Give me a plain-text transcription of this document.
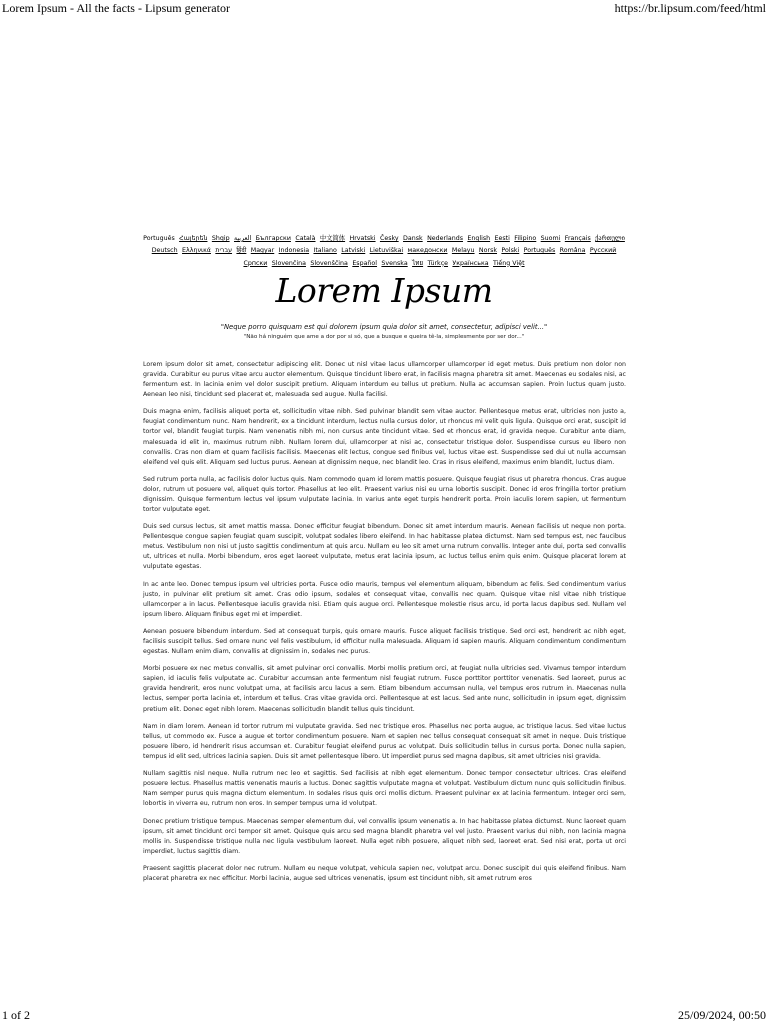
Lorem Ipsum - All the facts - Lipsum generator	https://br.lipsum.com/feed/html
Português Հայերեն Shqip العربية Български Català 中文简体 Hrvatski Česky Dansk Nederlands English Eesti Filipino Suomi Français ქართული Deutsch Ελληνικά עברית हिंदी Magyar Indonesia Italiano Latviski Lietuviškai македонски Melayu Norsk Polski Português Româna Pyccкий Српски Slovenčina Slovenščina Español Svenska ไทย Türkçe Українська Tiếng Việt
Lorem Ipsum
"Neque porro quisquam est qui dolorem ipsum quia dolor sit amet, consectetur, adipisci velit..."
"Não há ninguém que ame a dor por si só, que a busque e queira tê-la, simplesmente por ser dor..."

Lorem ipsum dolor sit amet, consectetur adipiscing elit. Donec ut nisl vitae lacus ullamcorper ullamcorper id eget metus. Duis pretium non dolor non gravida. Curabitur eu purus vitae arcu auctor elementum. Quisque tincidunt libero erat, in facilisis magna pharetra sit amet. Maecenas eu sodales nisi, ac fermentum est. In lacinia enim vel dolor suscipit pretium. Aliquam interdum eu tellus ut pretium. Nulla ac accumsan sapien. Proin luctus quam justo. Aenean leo nisi, tincidunt sed placerat et, malesuada sed augue. Nulla facilisi.

Duis magna enim, facilisis aliquet porta et, sollicitudin vitae nibh. Sed pulvinar blandit sem vitae auctor. Pellentesque metus erat, ultricies non justo a, feugiat condimentum nunc. Nam hendrerit, ex a tincidunt interdum, lectus nulla cursus dolor, ut rhoncus mi velit quis ligula. Quisque orci erat, suscipit id tortor vel, blandit feugiat turpis. Nam venenatis nibh mi, non cursus ante tincidunt vitae. Sed et rhoncus erat, id gravida neque. Curabitur ante diam, malesuada id elit in, maximus rutrum nibh. Nullam lorem dui, ullamcorper at nisi ac, consectetur tristique dolor. Suspendisse cursus eu libero non convallis. Cras non diam et quam facilisis facilisis. Maecenas elit lectus, congue sed finibus vel, luctus vitae est. Suspendisse sed dui ut nulla accumsan eleifend vel quis elit. Aliquam sed luctus purus. Aenean at dignissim neque, nec blandit leo. Cras in risus eleifend, maximus enim blandit, luctus diam.

Sed rutrum porta nulla, ac facilisis dolor luctus quis. Nam commodo quam id lorem mattis posuere. Quisque feugiat risus ut pharetra rhoncus. Cras augue dolor, rutrum ut posuere vel, aliquet quis tortor. Phasellus at leo elit. Praesent varius nisi eu urna lobortis suscipit. Donec id eros fringilla tortor pretium dignissim. Quisque fermentum lectus vel ipsum vulputate lacinia. In varius ante eget turpis hendrerit porta. Proin iaculis lorem sapien, ut fermentum tortor vulputate eget.

Duis sed cursus lectus, sit amet mattis massa. Donec efficitur feugiat bibendum. Donec sit amet interdum mauris. Aenean facilisis ut neque non porta. Pellentesque congue sapien feugiat quam suscipit, volutpat sodales libero eleifend. In hac habitasse platea dictumst. Nam sed tempus est, nec faucibus metus. Vestibulum non nisi ut justo sagittis condimentum at quis arcu. Nullam eu leo sit amet urna rutrum convallis. Integer ante dui, porta sed convallis ut, ultrices et nulla. Morbi bibendum, eros eget laoreet vulputate, metus erat lacinia ipsum, ac luctus tellus enim quis enim. Quisque placerat lorem at vulputate egestas.

In ac ante leo. Donec tempus ipsum vel ultricies porta. Fusce odio mauris, tempus vel elementum aliquam, bibendum ac felis. Sed condimentum varius justo, in pulvinar elit pretium sit amet. Cras odio ipsum, sodales et consequat vitae, convallis nec quam. Quisque vitae nisl vitae nibh tristique ullamcorper a in lacus. Pellentesque iaculis gravida nisi. Etiam quis augue orci. Pellentesque molestie risus arcu, id porta lacus dapibus sed. Nullam vel ipsum libero. Aliquam finibus eget mi et imperdiet.

Aenean posuere bibendum interdum. Sed at consequat turpis, quis ornare mauris. Fusce aliquet facilisis tristique. Sed orci est, hendrerit ac nibh eget, facilisis suscipit tellus. Sed ornare nunc vel felis vestibulum, id efficitur nulla malesuada. Aliquam id sapien mauris. Aliquam condimentum condimentum egestas. Nullam enim diam, convallis at dignissim in, sodales nec purus.

Morbi posuere ex nec metus convallis, sit amet pulvinar orci convallis. Morbi mollis pretium orci, at feugiat nulla ultricies sed. Vivamus tempor interdum sapien, id iaculis felis vulputate ac. Curabitur accumsan ante fermentum nisl feugiat rutrum. Fusce porttitor porttitor venenatis. Sed laoreet, purus ac gravida hendrerit, eros nunc volutpat urna, at facilisis arcu lacus a sem. Etiam bibendum accumsan nulla, vel tempus eros rutrum in. Maecenas nulla lectus, semper porta lacinia et, interdum et tellus. Cras vitae gravida orci. Pellentesque at est lacus. Sed ante nunc, sollicitudin in ipsum eget, dignissim pretium elit. Donec eget nibh lorem. Maecenas sollicitudin blandit tellus quis tincidunt.

Nam in diam lorem. Aenean id tortor rutrum mi vulputate gravida. Sed nec tristique eros. Phasellus nec porta augue, ac tristique lacus. Sed vitae luctus tellus, ut commodo ex. Fusce a augue et tortor condimentum posuere. Nam et sapien nec tellus consequat consequat sit amet in neque. Duis tristique posuere libero, id hendrerit risus accumsan et. Curabitur feugiat eleifend purus ac volutpat. Duis sollicitudin tellus in cursus porta. Donec nulla sapien, tempus id elit sed, ultrices lacinia sapien. Duis sit amet pellentesque libero. Ut imperdiet purus sed magna dapibus, sit amet ultricies nisi gravida.

Nullam sagittis nisl neque. Nulla rutrum nec leo et sagittis. Sed facilisis at nibh eget elementum. Donec tempor consectetur ultrices. Cras eleifend posuere lectus. Phasellus mattis venenatis mauris a luctus. Donec sagittis vulputate magna et volutpat. Vestibulum dictum nunc quis sollicitudin finibus. Nam semper purus quis magna dictum elementum. In sodales risus quis orci mollis dictum. Praesent pulvinar ex at lacinia fermentum. Integer orci sem, lobortis in viverra eu, rutrum non eros. In semper tempus urna id volutpat.

Donec pretium tristique tempus. Maecenas semper elementum dui, vel convallis ipsum venenatis a. In hac habitasse platea dictumst. Nunc laoreet quam ipsum, sit amet tincidunt orci tempor sit amet. Quisque quis arcu sed magna blandit pharetra vel vel justo. Praesent varius dui nibh, non lacinia magna mollis in. Suspendisse tristique nulla nec ligula vestibulum laoreet. Nulla eget nibh posuere, aliquet nibh sed, laoreet erat. Sed nisi erat, porta ut orci imperdiet, luctus sagittis diam.

Praesent sagittis placerat dolor nec rutrum. Nullam eu neque volutpat, vehicula sapien nec, volutpat arcu. Donec suscipit dui quis eleifend finibus. Nam placerat pharetra ex nec efficitur. Morbi lacinia, augue sed ultrices venenatis, ipsum est tincidunt nibh, sit amet rutrum eros

1 of 2	25/09/2024, 00:50
